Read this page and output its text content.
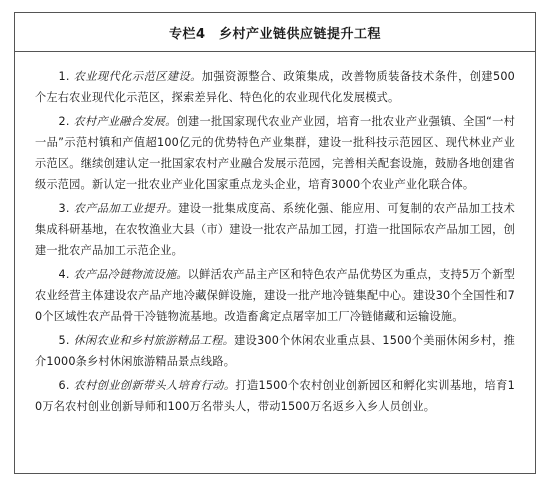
专栏4　乡村产业链供应链提升工程

1. 农业现代化示范区建设。加强资源整合、政策集成，改善物质装备技术条件，创建500个左右农业现代化示范区，探索差异化、特色化的农业现代化发展模式。

2. 农村产业融合发展。创建一批国家现代农业产业园，培育一批农业产业强镇、全国“一村一品”示范村镇和产值超100亿元的优势特色产业集群，建设一批科技示范园区、现代林业产业示范区。继续创建认定一批国家农村产业融合发展示范园，完善相关配套设施，鼓励各地创建省级示范园。新认定一批农业产业化国家重点龙头企业，培育3000个农业产业化联合体。

3. 农产品加工业提升。建设一批集成度高、系统化强、能应用、可复制的农产品加工技术集成科研基地，在农牧渔业大县（市）建设一批农产品加工园，打造一批国际农产品加工园，创建一批农产品加工示范企业。

4. 农产品冷链物流设施。以鲜活农产品主产区和特色农产品优势区为重点，支持5万个新型农业经营主体建设农产品产地冷藏保鲜设施，建设一批产地冷链集配中心。建设30个全国性和70个区域性农产品骨干冷链物流基地。改造畜禽定点屠宰加工厂冷链储藏和运输设施。

5. 休闲农业和乡村旅游精品工程。建设300个休闲农业重点县、1500个美丽休闲乡村，推介1000条乡村休闲旅游精品景点线路。

6. 农村创业创新带头人培育行动。打造1500个农村创业创新园区和孵化实训基地，培育10万名农村创业创新导师和100万名带头人，带动1500万名返乡入乡人员创业。
